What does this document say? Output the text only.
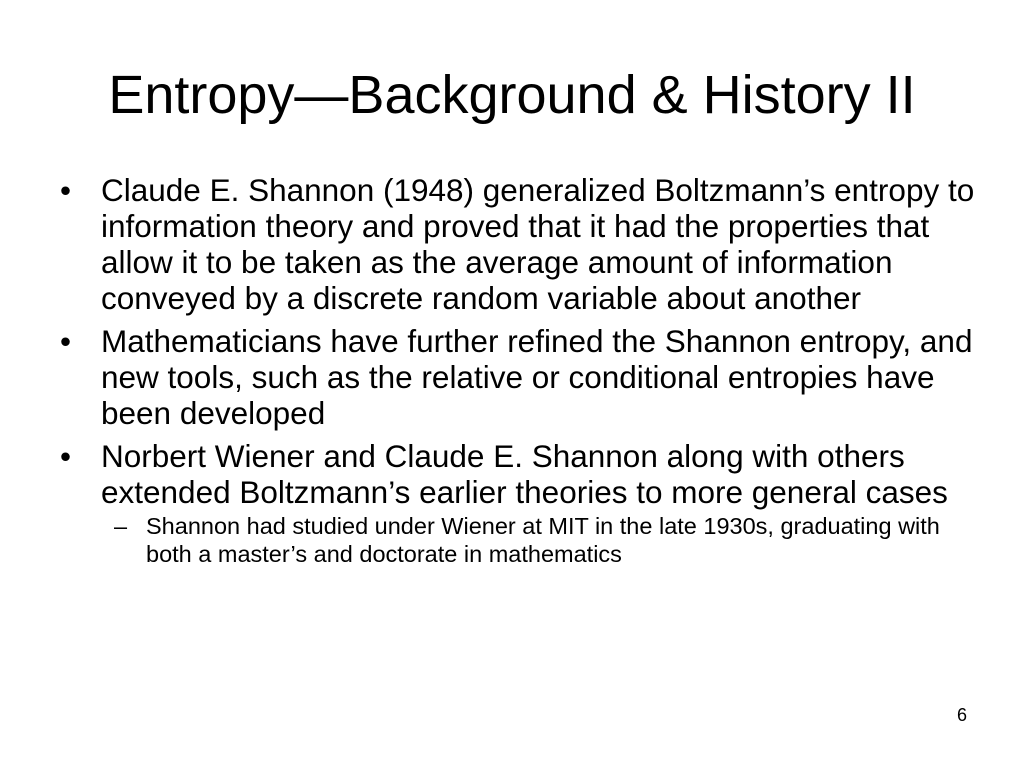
Entropy—Background & History II
• Claude E. Shannon (1948) generalized Boltzmann’s entropy to information theory and proved that it had the properties that allow it to be taken as the average amount of information conveyed by a discrete random variable about another
• Mathematicians have further refined the Shannon entropy, and new tools, such as the relative or conditional entropies have been developed
• Norbert Wiener and Claude E. Shannon along with others extended Boltzmann’s earlier theories to more general cases
– Shannon had studied under Wiener at MIT in the late 1930s, graduating with both a master’s and doctorate in mathematics
6
